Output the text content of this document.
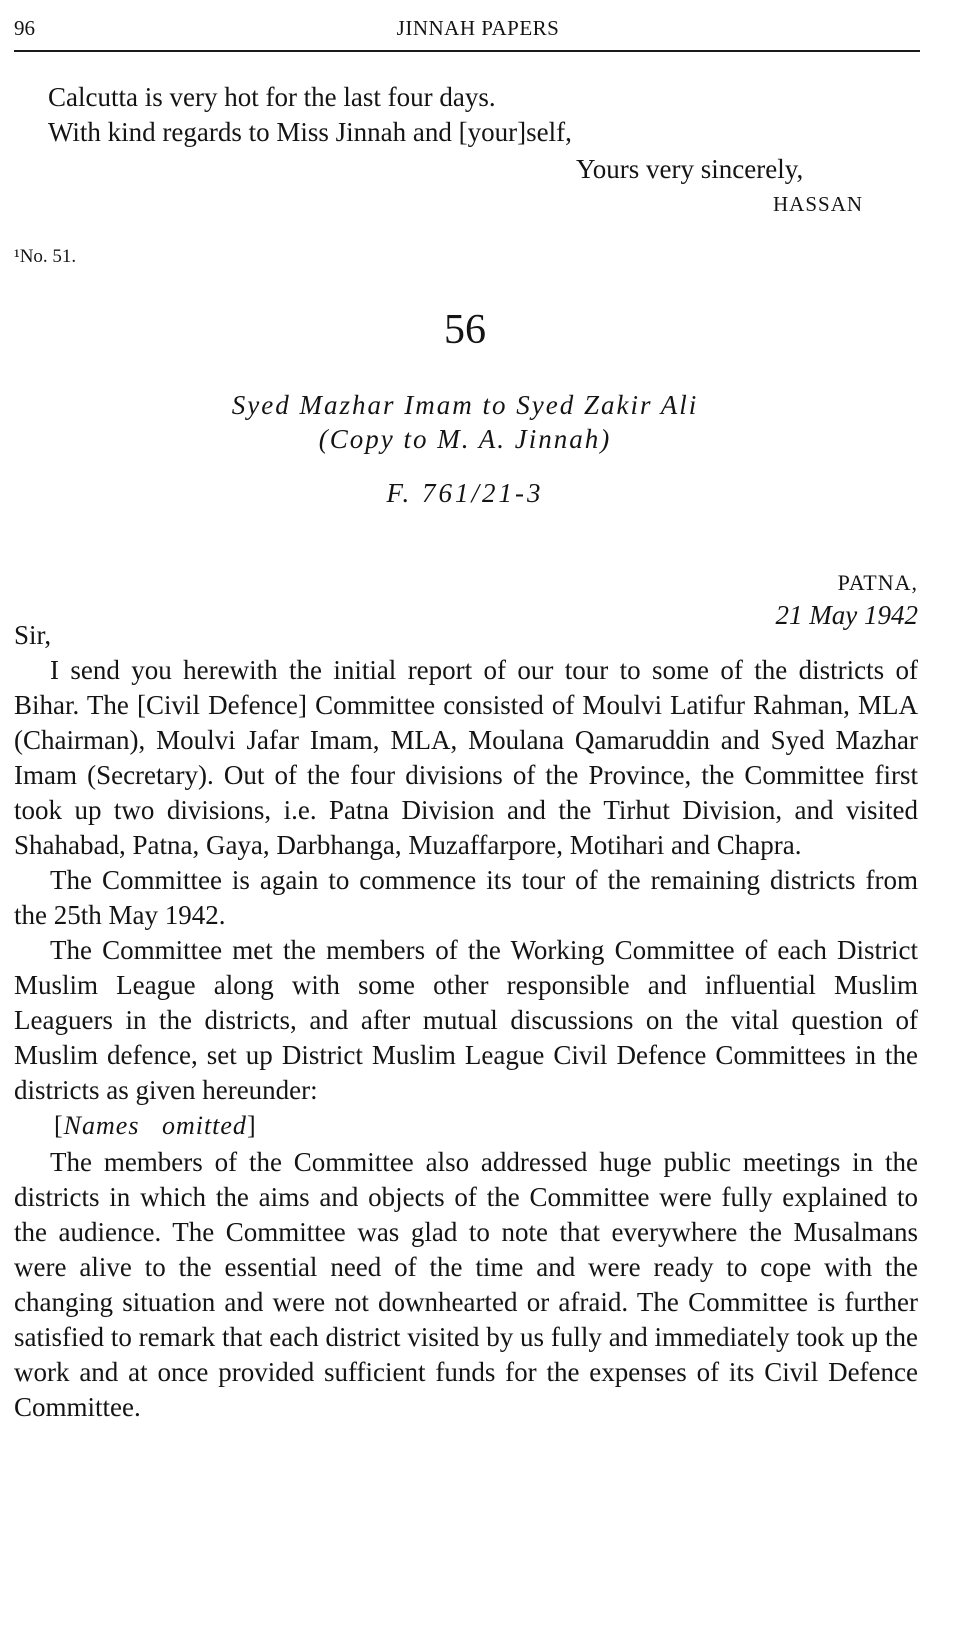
96	JINNAH PAPERS

Calcutta is very hot for the last four days.

With kind regards to Miss Jinnah and [your]self,

Yours very sincerely,
HASSAN
¹No. 51.
56
Syed Mazhar Imam to Syed Zakir Ali
(Copy to M. A. Jinnah)
F. 761/21-3
PATNA,
21 May 1942

Sir,

I send you herewith the initial report of our tour to some of the districts of Bihar. The [Civil Defence] Committee consisted of Moulvi Latifur Rahman, MLA (Chairman), Moulvi Jafar Imam, MLA, Moulana Qamaruddin and Syed Mazhar Imam (Secretary). Out of the four divisions of the Province, the Committee first took up two divisions, i.e. Patna Division and the Tirhut Division, and visited Shahabad, Patna, Gaya, Darbhanga, Muzaffarpore, Motihari and Chapra.

The Committee is again to commence its tour of the remaining districts from the 25th May 1942.

The Committee met the members of the Working Committee of each District Muslim League along with some other responsible and influential Muslim Leaguers in the districts, and after mutual discussions on the vital question of Muslim defence, set up District Muslim League Civil Defence Committees in the districts as given hereunder:

[Names   omitted]

The members of the Committee also addressed huge public meetings in the districts in which the aims and objects of the Committee were fully explained to the audience. The Committee was glad to note that everywhere the Musalmans were alive to the essential need of the time and were ready to cope with the changing situation and were not downhearted or afraid. The Committee is further satisfied to remark that each district visited by us fully and immediately took up the work and at once provided sufficient funds for the expenses of its Civil Defence Committee.
